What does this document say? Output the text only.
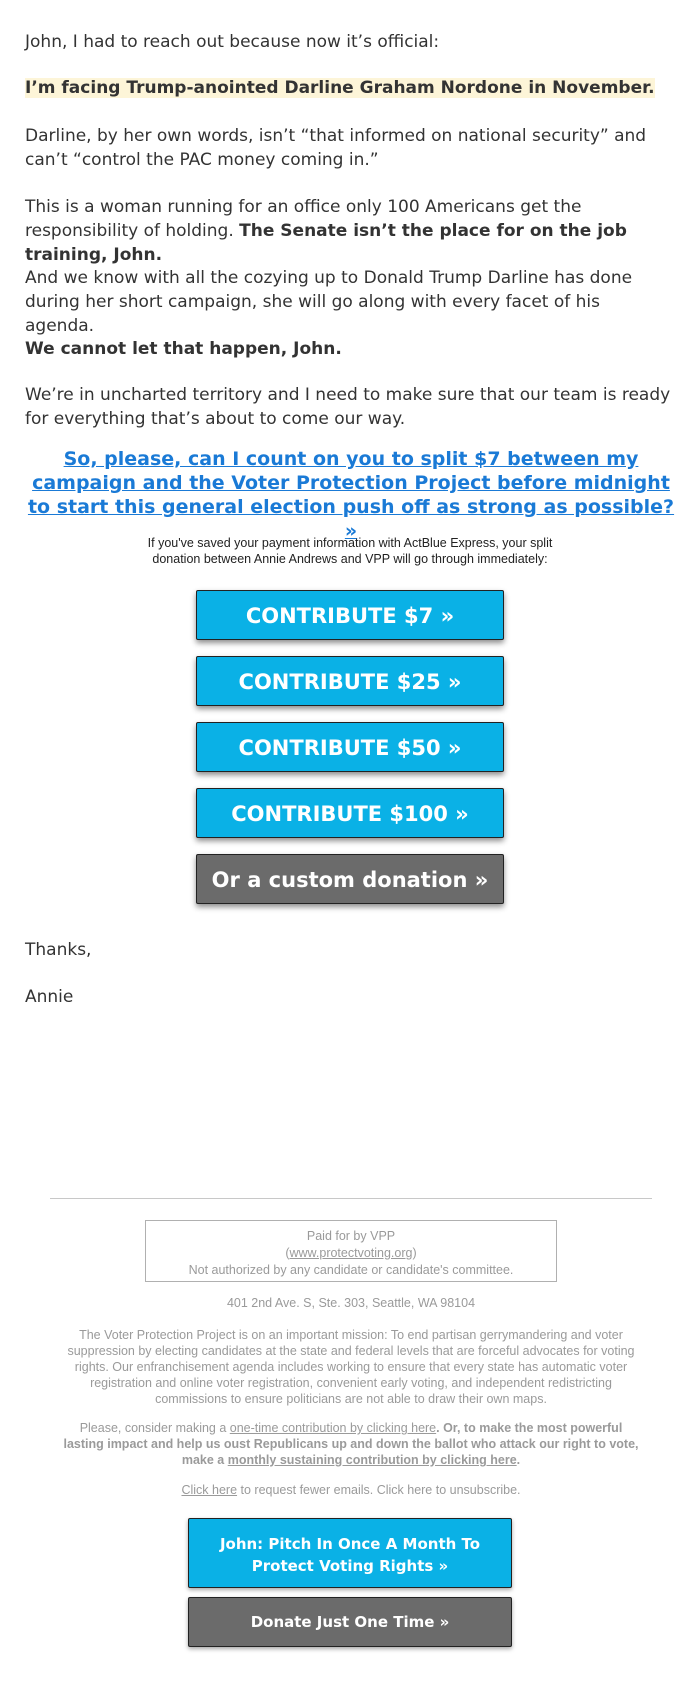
John, I had to reach out because now it’s official:

I’m facing Trump-anointed Darline Graham Nordone in November.

Darline, by her own words, isn’t “that informed on national security” and can’t “control the PAC money coming in.”

This is a woman running for an office only 100 Americans get the responsibility of holding. The Senate isn’t the place for on the job training, John.

And we know with all the cozying up to Donald Trump Darline has done during her short campaign, she will go along with every facet of his agenda.

We cannot let that happen, John.

We’re in uncharted territory and I need to make sure that our team is ready for everything that’s about to come our way.

So, please, can I count on you to split $7 between my campaign and the Voter Protection Project before midnight to start this general election push off as strong as possible? »
If you've saved your payment information with ActBlue Express, your split donation between Annie Andrews and VPP will go through immediately:
CONTRIBUTE $7 »
CONTRIBUTE $25 »
CONTRIBUTE $50 »
CONTRIBUTE $100 »
Or a custom donation »

Thanks,

Annie

Paid for by VPP
(www.protectvoting.org)
Not authorized by any candidate or candidate's committee.
401 2nd Ave. S, Ste. 303, Seattle, WA 98104
The Voter Protection Project is on an important mission: To end partisan gerrymandering and voter suppression by electing candidates at the state and federal levels that are forceful advocates for voting rights. Our enfranchisement agenda includes working to ensure that every state has automatic voter registration and online voter registration, convenient early voting, and independent redistricting commissions to ensure politicians are not able to draw their own maps.
Please, consider making a one-time contribution by clicking here. Or, to make the most powerful lasting impact and help us oust Republicans up and down the ballot who attack our right to vote, make a monthly sustaining contribution by clicking here.
Click here to request fewer emails. Click here to unsubscribe.
John: Pitch In Once A Month To Protect Voting Rights »
Donate Just One Time »
